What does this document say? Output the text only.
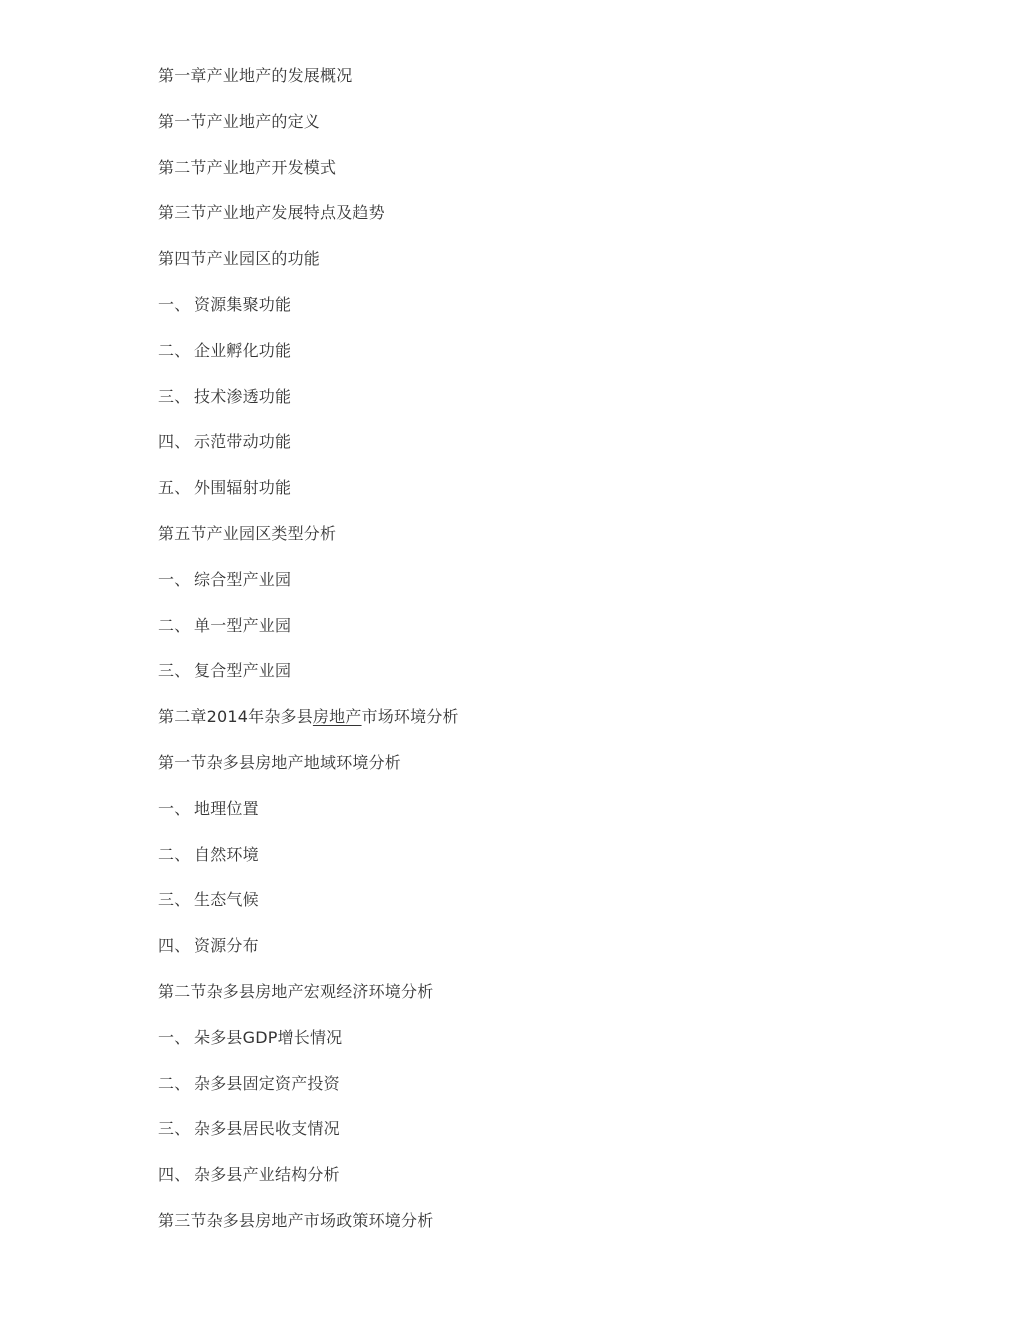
第一章产业地产的发展概况
第一节产业地产的定义
第二节产业地产开发模式
第三节产业地产发展特点及趋势
第四节产业园区的功能
一、 资源集聚功能
二、 企业孵化功能
三、 技术渗透功能
四、 示范带动功能
五、 外围辐射功能
第五节产业园区类型分析
一、 综合型产业园
二、 单一型产业园
三、 复合型产业园
第二章2014年杂多县房地产市场环境分析
第一节杂多县房地产地域环境分析
一、 地理位置
二、 自然环境
三、 生态气候
四、 资源分布
第二节杂多县房地产宏观经济环境分析
一、 朵多县GDP增长情况
二、 杂多县固定资产投资
三、 杂多县居民收支情况
四、 杂多县产业结构分析
第三节杂多县房地产市场政策环境分析
